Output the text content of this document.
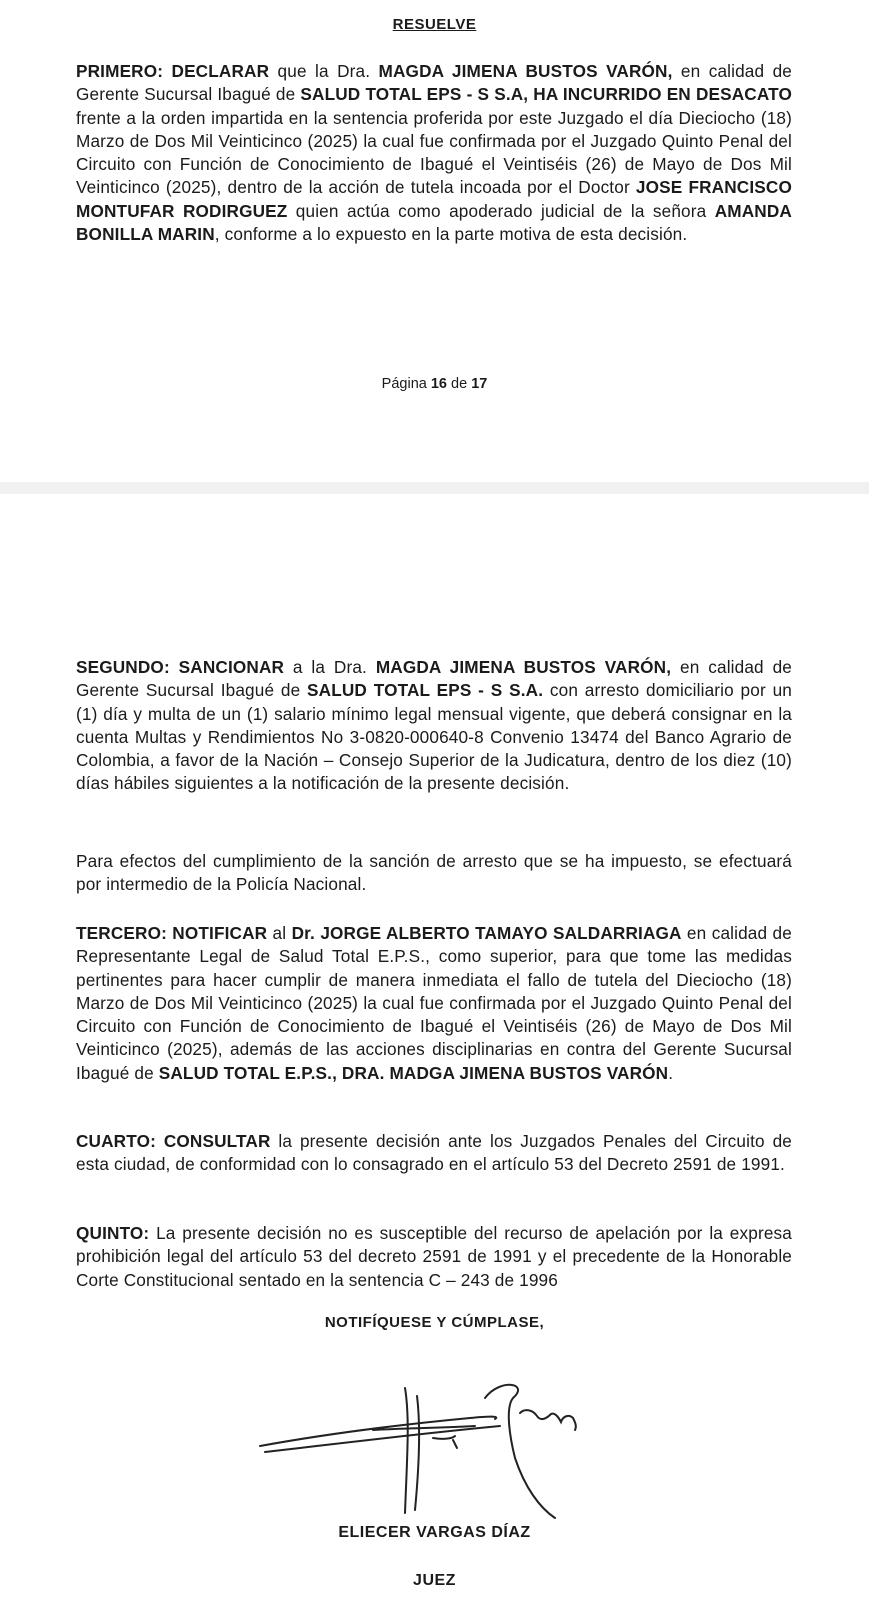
RESUELVE

PRIMERO: DECLARAR que la Dra. MAGDA JIMENA BUSTOS VARÓN, en calidad de Gerente Sucursal Ibagué de SALUD TOTAL EPS - S S.A, HA INCURRIDO EN DESACATO frente a la orden impartida en la sentencia proferida por este Juzgado el día Dieciocho (18) Marzo de Dos Mil Veinticinco (2025) la cual fue confirmada por el Juzgado Quinto Penal del Circuito con Función de Conocimiento de Ibagué el Veintiséis (26) de Mayo de Dos Mil Veinticinco (2025), dentro de la acción de tutela incoada por el Doctor JOSE FRANCISCO MONTUFAR RODIRGUEZ quien actúa como apoderado judicial de la señora AMANDA BONILLA MARIN, conforme a lo expuesto en la parte motiva de esta decisión.

Página 16 de 17

SEGUNDO: SANCIONAR a la Dra. MAGDA JIMENA BUSTOS VARÓN, en calidad de Gerente Sucursal Ibagué de SALUD TOTAL EPS - S S.A. con arresto domiciliario por un (1) día y multa de un (1) salario mínimo legal mensual vigente, que deberá consignar en la cuenta Multas y Rendimientos No 3-0820-000640-8 Convenio 13474 del Banco Agrario de Colombia, a favor de la Nación – Consejo Superior de la Judicatura, dentro de los diez (10) días hábiles siguientes a la notificación de la presente decisión.

Para efectos del cumplimiento de la sanción de arresto que se ha impuesto, se efectuará por intermedio de la Policía Nacional.

TERCERO: NOTIFICAR al Dr. JORGE ALBERTO TAMAYO SALDARRIAGA en calidad de Representante Legal de Salud Total E.P.S., como superior, para que tome las medidas pertinentes para hacer cumplir de manera inmediata el fallo de tutela del Dieciocho (18) Marzo de Dos Mil Veinticinco (2025) la cual fue confirmada por el Juzgado Quinto Penal del Circuito con Función de Conocimiento de Ibagué el Veintiséis (26) de Mayo de Dos Mil Veinticinco (2025), además de las acciones disciplinarias en contra del Gerente Sucursal Ibagué de SALUD TOTAL E.P.S., DRA. MADGA JIMENA BUSTOS VARÓN.

CUARTO: CONSULTAR la presente decisión ante los Juzgados Penales del Circuito de esta ciudad, de conformidad con lo consagrado en el artículo 53 del Decreto 2591 de 1991.

QUINTO: La presente decisión no es susceptible del recurso de apelación por la expresa prohibición legal del artículo 53 del decreto 2591 de 1991 y el precedente de la Honorable Corte Constitucional sentado en la sentencia C – 243 de 1996

NOTIFÍQUESE Y CÚMPLASE,
ELIECER VARGAS DÍAZ
JUEZ
